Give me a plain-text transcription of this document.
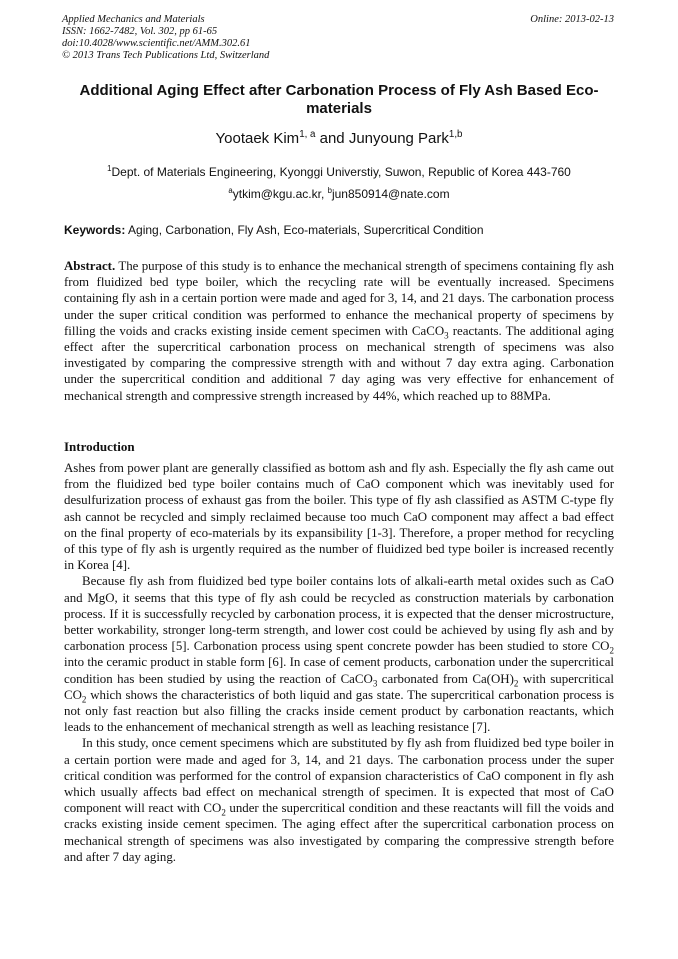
Applied Mechanics and Materials
ISSN: 1662-7482, Vol. 302, pp 61-65
doi:10.4028/www.scientific.net/AMM.302.61
© 2013 Trans Tech Publications Ltd, Switzerland
Online: 2013-02-13
Additional Aging Effect after Carbonation Process of Fly Ash Based Eco-materials
Yootaek Kim$^{1, a}$ and Junyoung Park$^{1,b}$
$^1$Dept. of Materials Engineering, Kyonggi Universtiy, Suwon, Republic of Korea 443-760
$^a$ytkim@kgu.ac.kr, $^b$jun850914@nate.com
Keywords: Aging, Carbonation, Fly Ash, Eco-materials, Supercritical Condition
Abstract. The purpose of this study is to enhance the mechanical strength of specimens containing fly ash from fluidized bed type boiler, which the recycling rate will be eventually increased. Specimens containing fly ash in a certain portion were made and aged for 3, 14, and 21 days. The carbonation process under the super critical condition was performed to enhance the mechanical property of specimens by filling the voids and cracks existing inside cement specimen with CaCO$_3$ reactants. The additional aging effect after the supercritical carbonation process on mechanical strength of specimens was also investigated by comparing the compressive strength with and without 7 day extra aging. Carbonation under the supercritical condition and additional 7 day aging was very effective for enhancement of mechanical strength and compressive strength increased by 44%, which reached up to 88MPa.
Introduction

Ashes from power plant are generally classified as bottom ash and fly ash. Especially the fly ash came out from the fluidized bed type boiler contains much of CaO component which was inevitably used for desulfurization process of exhaust gas from the boiler. This type of fly ash classified as ASTM C-type fly ash cannot be recycled and simply reclaimed because too much CaO component may affect a bad effect on the final property of eco-materials by its expansibility [1-3]. Therefore, a proper method for recycling of this type of fly ash is urgently required as the number of fluidized bed type boiler is increased recently in Korea [4].

Because fly ash from fluidized bed type boiler contains lots of alkali-earth metal oxides such as CaO and MgO, it seems that this type of fly ash could be recycled as construction materials by carbonation process. If it is successfully recycled by carbonation process, it is expected that the denser microstructure, better workability, stronger long-term strength, and lower cost could be achieved by using fly ash and by carbonation process [5]. Carbonation process using spent concrete powder has been studied to store $CO_2$ into the ceramic product in stable form [6]. In case of cement products, carbonation under the supercritical condition has been studied by using the reaction of CaCO$_3$ carbonated from $Ca(OH)_2$ with supercritical $CO_2$ which shows the characteristics of both liquid and gas state. The supercritical carbonation process is not only fast reaction but also filling the cracks inside cement product by carbonation reactants, which leads to the enhancement of mechanical strength as well as leaching resistance [7].

In this study, once cement specimens which are substituted by fly ash from fluidized bed type boiler in a certain portion were made and aged for 3, 14, and 21 days. The carbonation process under the super critical condition was performed for the control of expansion characteristics of CaO component in fly ash which usually affects bad effect on mechanical strength of specimen. It is expected that most of CaO component will react with $CO_2$ under the supercritical condition and these reactants will fill the voids and cracks existing inside cement specimen. The aging effect after the supercritical carbonation process on mechanical strength of specimens was also investigated by comparing the compressive strength before and after 7 day aging.
